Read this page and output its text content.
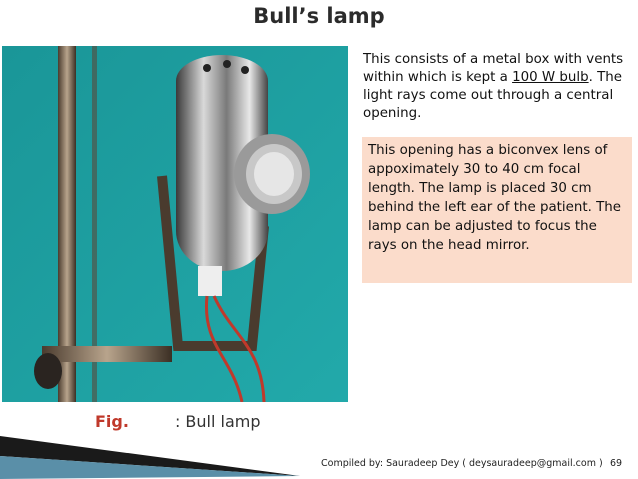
Bull’s lamp
Fig.	: Bull lamp
This consists of a metal box with vents within which is kept a 100 W bulb. The light rays come out through a central opening.
This opening has a biconvex lens of appoximately 30 to 40 cm focal length. The lamp is placed 30 cm behind the left ear of the patient. The lamp can be adjusted to focus the rays on the head mirror.
Compiled by: Sauradeep Dey ( deysauradeep@gmail.com ) 69
